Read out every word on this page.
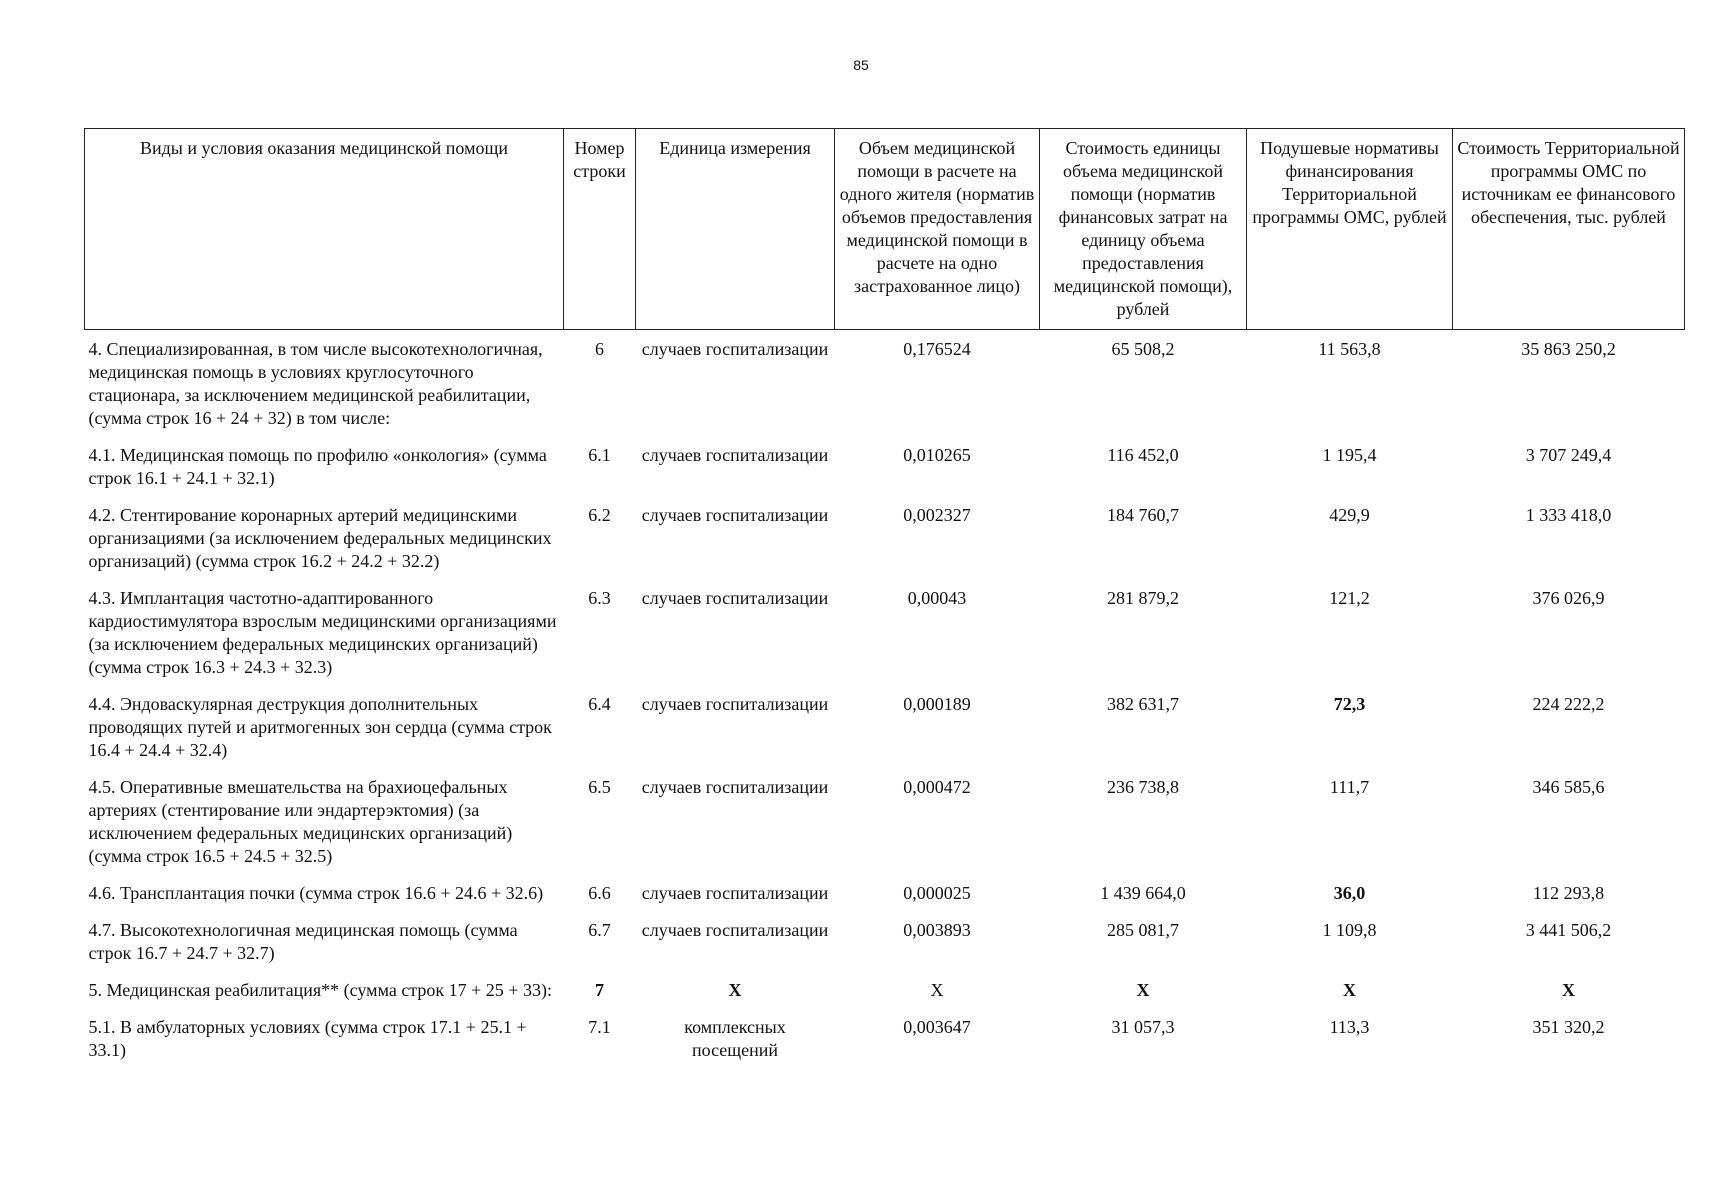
85
Виды и условия оказания медицинской помощи	Номер строки	Единица измерения	Объем медицинской помощи в расчете на одного жителя (норматив объемов предоставления медицинской помощи в расчете на одно застрахованное лицо)	Стоимость единицы объема медицинской помощи (норматив финансовых затрат на единицу объема предоставления медицинской помощи), рублей	Подушевые нормативы финансирования Территориальной программы ОМС, рублей	Стоимость Территориальной программы ОМС по источникам ее финансового обеспечения, тыс. рублей
4. Специализированная, в том числе высокотехнологичная, медицинская помощь в условиях круглосуточного стационара, за исключением медицинской реабилитации, (сумма строк 16 + 24 + 32) в том числе:	6	случаев госпитализации	0,176524	65 508,2	11 563,8	35 863 250,2
4.1. Медицинская помощь по профилю «онкология» (сумма строк 16.1 + 24.1 + 32.1)	6.1	случаев госпитализации	0,010265	116 452,0	1 195,4	3 707 249,4
4.2. Стентирование коронарных артерий медицинскими организациями (за исключением федеральных медицинских организаций) (сумма строк 16.2 + 24.2 + 32.2)	6.2	случаев госпитализации	0,002327	184 760,7	429,9	1 333 418,0
4.3. Имплантация частотно-адаптированного кардиостимулятора взрослым медицинскими организациями (за исключением федеральных медицинских организаций) (сумма строк 16.3 + 24.3 + 32.3)	6.3	случаев госпитализации	0,00043	281 879,2	121,2	376 026,9
4.4. Эндоваскулярная деструкция дополнительных проводящих путей и аритмогенных зон сердца (сумма строк 16.4 + 24.4 + 32.4)	6.4	случаев госпитализации	0,000189	382 631,7	72,3	224 222,2
4.5. Оперативные вмешательства на брахиоцефальных артериях (стентирование или эндартерэктомия) (за исключением федеральных медицинских организаций) (сумма строк 16.5 + 24.5 + 32.5)	6.5	случаев госпитализации	0,000472	236 738,8	111,7	346 585,6
4.6. Трансплантация почки (сумма строк 16.6 + 24.6 + 32.6)	6.6	случаев госпитализации	0,000025	1 439 664,0	36,0	112 293,8
4.7. Высокотехнологичная медицинская помощь (сумма строк 16.7 + 24.7 + 32.7)	6.7	случаев госпитализации	0,003893	285 081,7	1 109,8	3 441 506,2
5. Медицинская реабилитация** (сумма строк 17 + 25 + 33):	7	Х	Х	Х	Х	Х
5.1. В амбулаторных условиях (сумма строк 17.1 + 25.1 + 33.1)	7.1	комплексных посещений	0,003647	31 057,3	113,3	351 320,2
